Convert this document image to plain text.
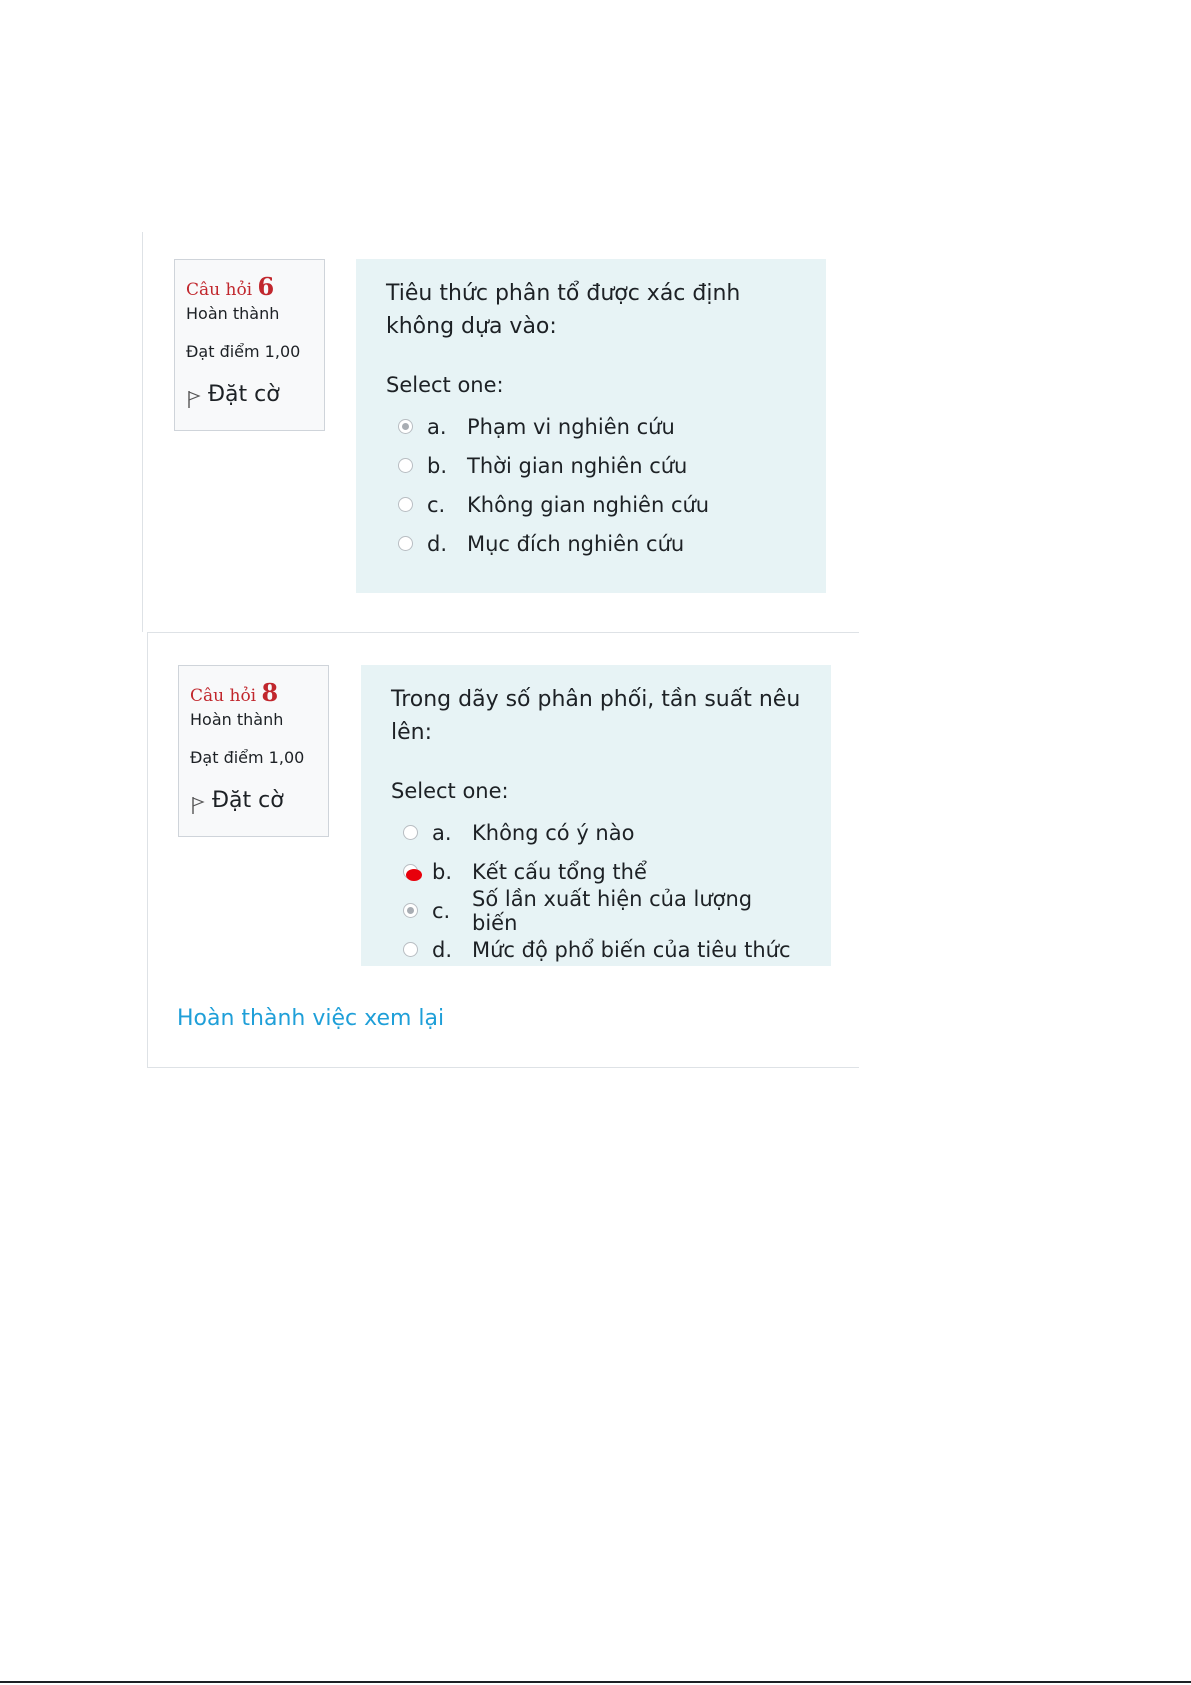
Câu hỏi 6
Hoàn thành
Đạt điểm 1,00
Đặt cờ
Tiêu thức phân tổ được xác định không dựa vào:
Select one:
a. Phạm vi nghiên cứu
b. Thời gian nghiên cứu
c.	Không gian nghiên cứu
d. Mục đích nghiên cứu
Câu hỏi 8
Hoàn thành
Đạt điểm 1,00
Đặt cờ
Trong dãy số phân phối, tần suất nêu lên:
Select one:
a. Không có ý nào
b. Kết cấu tổng thể
c.	Số lần xuất hiện của lượng biến
d. Mức độ phổ biến của tiêu thức
Hoàn thành việc xem lại
